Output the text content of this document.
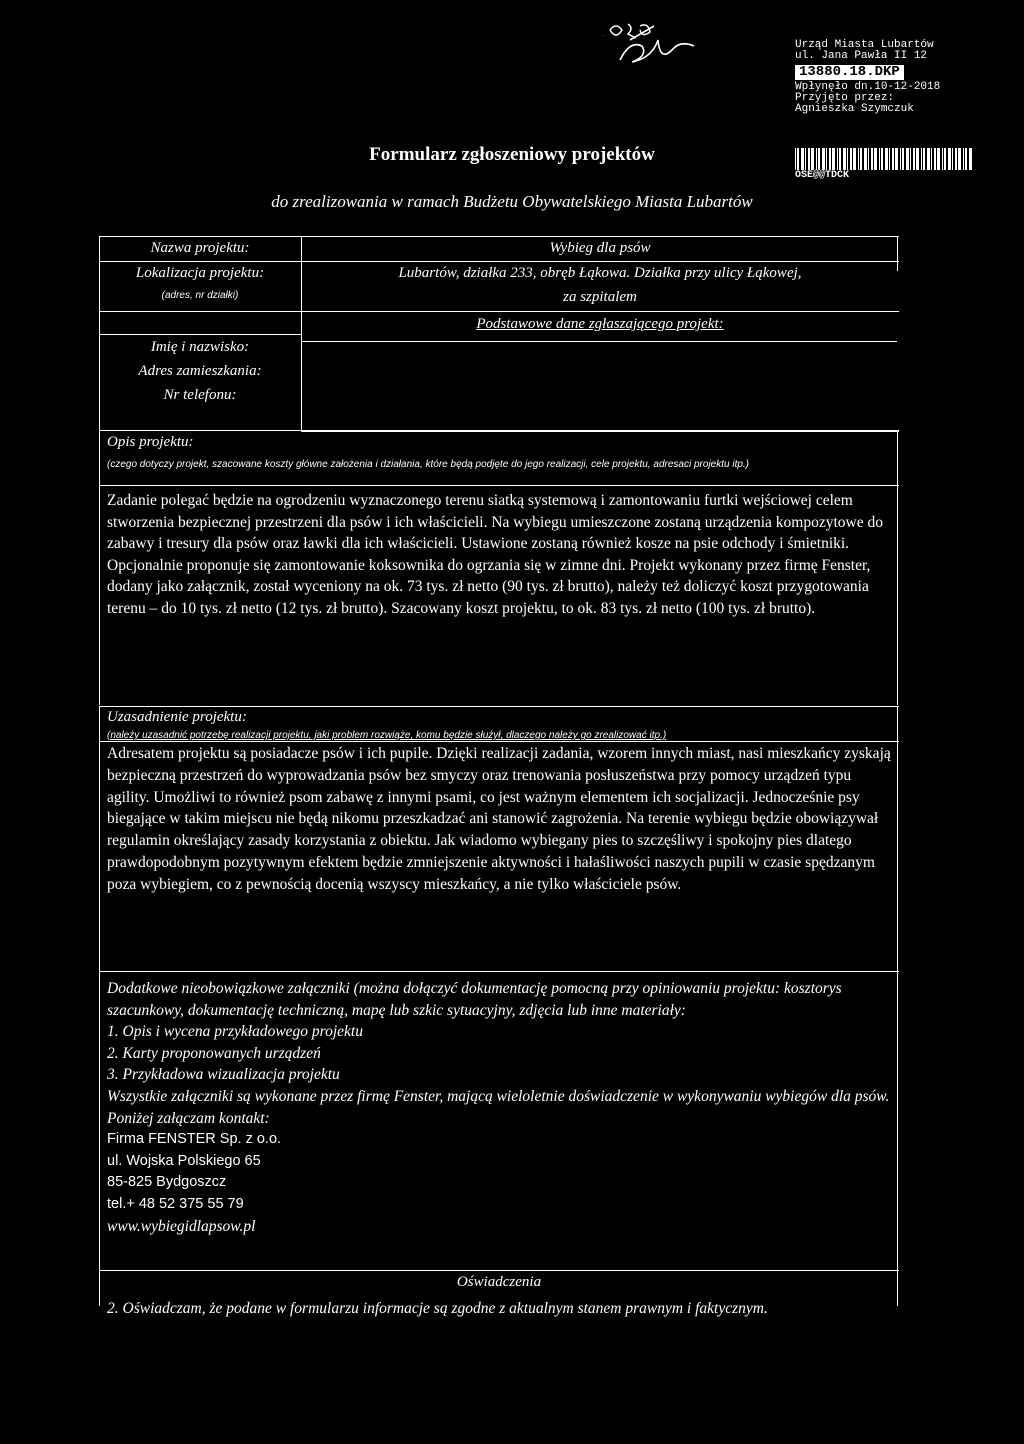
OR.G
Urząd Miasta Lubartów
ul. Jana Pawła II 12
13880.18.DKP
Wpłynęło dn.10-12-2018
Przyjęto przez:
Agnieszka Szymczuk
OSE@@TDCK
Formularz zgłoszeniowy projektów
do zrealizowania w ramach Budżetu Obywatelskiego Miasta Lubartów
Nazwa projektu:	Wybieg dla psów
Lokalizacja projektu:
(adres, nr działki)
Lubartów, działka 233, obręb Łąkowa. Działka przy ulicy Łąkowej,
za szpitalem
Podstawowe dane zgłaszającego projekt:
Imię i nazwisko:
Adres zamieszkania:
Nr telefonu:
Opis projektu:
(czego dotyczy projekt, szacowane koszty główne założenia i działania, które będą podjęte do jego realizacji, cele projektu, adresaci projektu itp.)
Zadanie polegać będzie na ogrodzeniu wyznaczonego terenu siatką systemową i zamontowaniu furtki wejściowej celem stworzenia bezpiecznej przestrzeni dla psów i ich właścicieli. Na wybiegu umieszczone zostaną urządzenia kompozytowe do zabawy i tresury dla psów oraz ławki dla ich właścicieli. Ustawione zostaną również kosze na psie odchody i śmietniki. Opcjonalnie proponuje się zamontowanie koksownika do ogrzania się w zimne dni. Projekt wykonany przez firmę Fenster, dodany jako załącznik, został wyceniony na ok. 73 tys. zł netto (90 tys. zł brutto), należy też doliczyć koszt przygotowania terenu – do 10 tys. zł netto (12 tys. zł brutto). Szacowany koszt projektu, to ok. 83 tys. zł netto (100 tys. zł brutto).
Uzasadnienie projektu:
(należy uzasadnić potrzebę realizacji projektu, jaki problem rozwiąże, komu będzie służył, dlaczego należy go zrealizować itp.)
Adresatem projektu są posiadacze psów i ich pupile. Dzięki realizacji zadania, wzorem innych miast, nasi mieszkańcy zyskają bezpieczną przestrzeń do wyprowadzania psów bez smyczy oraz trenowania posłuszeństwa przy pomocy urządzeń typu agility. Umożliwi to również psom zabawę z innymi psami, co jest ważnym elementem ich socjalizacji. Jednocześnie psy biegające w takim miejscu nie będą nikomu przeszkadzać ani stanowić zagrożenia. Na terenie wybiegu będzie obowiązywał regulamin określający zasady korzystania z obiektu. Jak wiadomo wybiegany pies to szczęśliwy i spokojny pies dlatego prawdopodobnym pozytywnym efektem będzie zmniejszenie aktywności i hałaśliwości naszych pupili w czasie spędzanym poza wybiegiem, co z pewnością docenią wszyscy mieszkańcy, a nie tylko właściciele psów.
Dodatkowe nieobowiązkowe załączniki (można dołączyć dokumentację pomocną przy opiniowaniu projektu: kosztorys szacunkowy, dokumentację techniczną, mapę lub szkic sytuacyjny, zdjęcia lub inne materiały:
1. Opis i wycena przykładowego projektu
2. Karty proponowanych urządzeń
3. Przykładowa wizualizacja projektu
Wszystkie załączniki są wykonane przez firmę Fenster, mającą wieloletnie doświadczenie w wykonywaniu wybiegów dla psów. Poniżej załączam kontakt:
Firma FENSTER Sp. z o.o.
ul. Wojska Polskiego 65
85-825 Bydgoszcz
tel.+ 48 52 375 55 79
www.wybiegidlapsow.pl
Oświadczenia
2. Oświadczam, że podane w formularzu informacje są zgodne z aktualnym stanem prawnym i faktycznym.
